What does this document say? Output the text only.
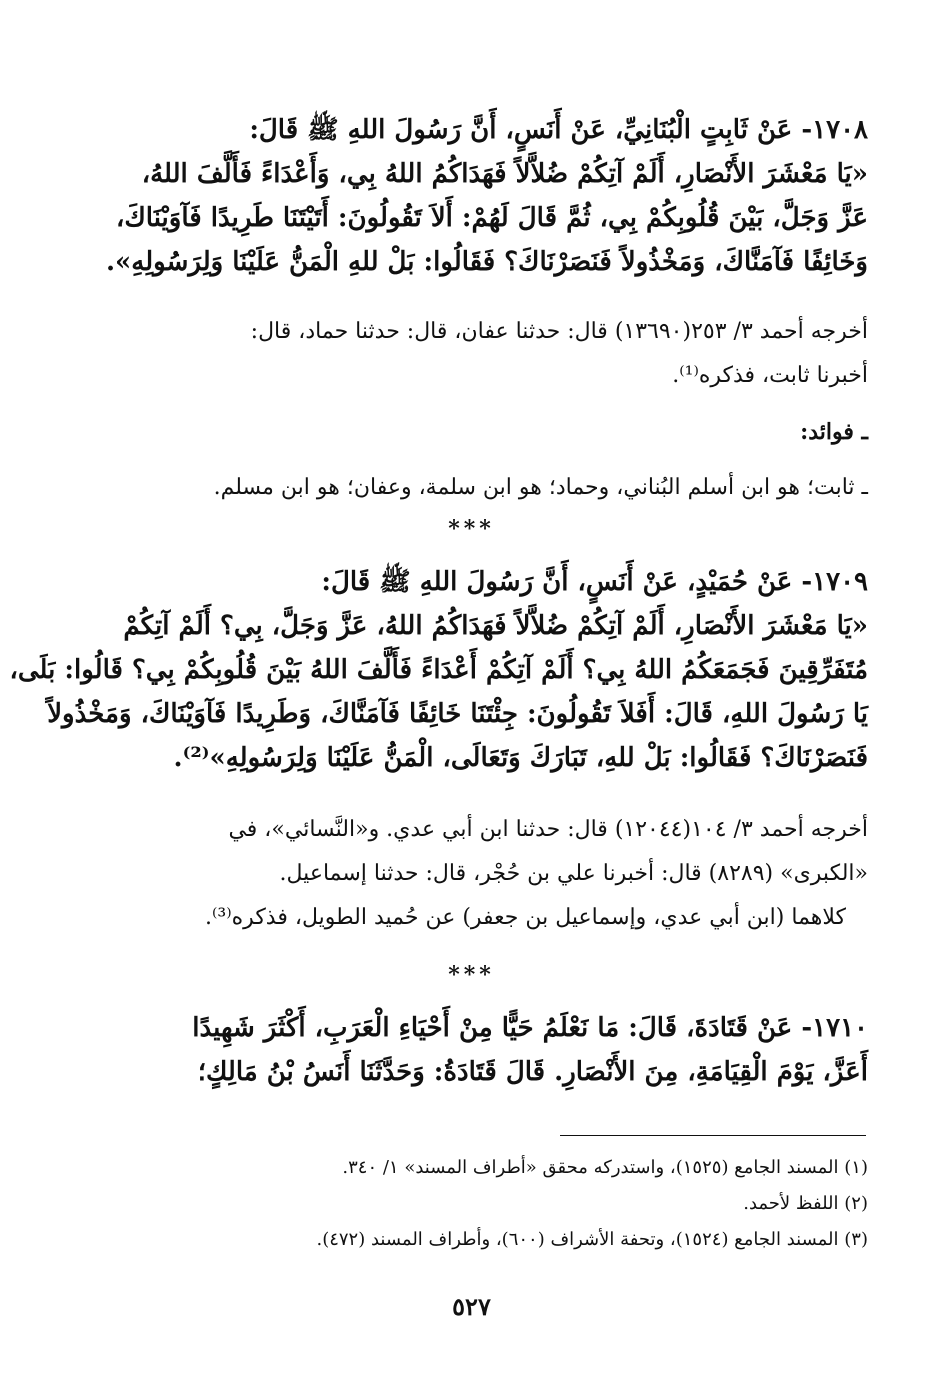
١٧٠٨- عَنْ ثَابِتٍ الْبُنَانِيِّ، عَنْ أَنَسٍ، أَنَّ رَسُولَ اللهِ ﷺ قَالَ:
«يَا مَعْشَرَ الأَنْصَارِ، أَلَمْ آتِكُمْ ضُلاَّلاً فَهَدَاكُمُ اللهُ بِي، وَأَعْدَاءً فَأَلَّفَ اللهُ،
عَزَّ وَجَلَّ، بَيْنَ قُلُوبِكُمْ بِي، ثُمَّ قَالَ لَهُمْ: أَلاَ تَقُولُونَ: أَتَيْتَنَا طَرِيدًا فَآوَيْنَاكَ،
وَخَائِفًا فَآمَنَّاكَ، وَمَخْذُولاً فَنَصَرْنَاكَ؟ فَقَالُوا: بَلْ للهِ الْمَنُّ عَلَيْنَا وَلِرَسُولِهِ».
أخرجه أحمد ٣/ ٢٥٣(١٣٦٩٠) قال: حدثنا عفان، قال: حدثنا حماد، قال:
أخبرنا ثابت، فذكره⁽¹⁾.
ـ فوائد:
ـ ثابت؛ هو ابن أسلم البُناني، وحماد؛ هو ابن سلمة، وعفان؛ هو ابن مسلم.
***
١٧٠٩- عَنْ حُمَيْدٍ، عَنْ أَنَسٍ، أَنَّ رَسُولَ اللهِ ﷺ قَالَ:
«يَا مَعْشَرَ الأَنْصَارِ، أَلَمْ آتِكُمْ ضُلاَّلاً فَهَدَاكُمُ اللهُ، عَزَّ وَجَلَّ، بِي؟ أَلَمْ آتِكُمْ
مُتَفَرِّقِينَ فَجَمَعَكُمُ اللهُ بِي؟ أَلَمْ آتِكُمْ أَعْدَاءً فَأَلَّفَ اللهُ بَيْنَ قُلُوبِكُمْ بِي؟ قَالُوا: بَلَى،
يَا رَسُولَ اللهِ، قَالَ: أَفَلاَ تَقُولُونَ: جِئْتَنَا خَائِفًا فَآمَنَّاكَ، وَطَرِيدًا فَآوَيْنَاكَ، وَمَخْذُولاً
فَنَصَرْنَاكَ؟ فَقَالُوا: بَلْ للهِ، تَبَارَكَ وَتَعَالَى، الْمَنُّ عَلَيْنَا وَلِرَسُولِهِ»⁽²⁾.
أخرجه أحمد ٣/ ١٠٤(١٢٠٤٤) قال: حدثنا ابن أبي عدي. و«النَّسائي»، في
«الكبرى» (٨٢٨٩) قال: أخبرنا علي بن حُجْر، قال: حدثنا إسماعيل.
كلاهما (ابن أبي عدي، وإسماعيل بن جعفر) عن حُميد الطويل، فذكره⁽³⁾.
***
١٧١٠- عَنْ قَتَادَةَ، قَالَ: مَا نَعْلَمُ حَيًّا مِنْ أَحْيَاءِ الْعَرَبِ، أَكْثَرَ شَهِيدًا
أَعَزَّ، يَوْمَ الْقِيَامَةِ، مِنَ الأَنْصَارِ. قَالَ قَتَادَةُ: وَحَدَّثَنَا أَنَسُ بْنُ مَالِكٍ؛
(١) المسند الجامع (١٥٢٥)، واستدركه محقق «أطراف المسند» ١/ ٣٤٠.
(٢) اللفظ لأحمد.
(٣) المسند الجامع (١٥٢٤)، وتحفة الأشراف (٦٠٠)، وأطراف المسند (٤٧٢).
٥٢٧
